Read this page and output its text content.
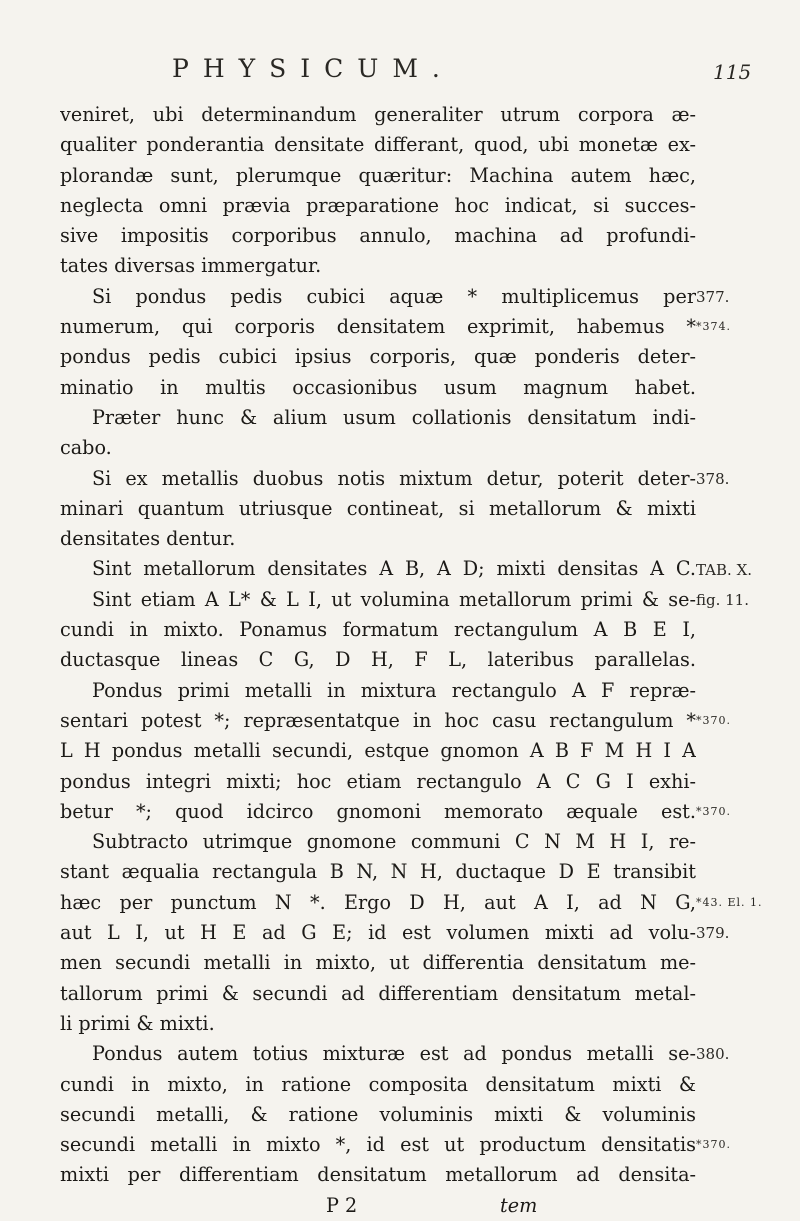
PHYSICUM.	115
veniret, ubi determinandum generaliter utrum corpora æ-
qualiter ponderantia densitate differant, quod, ubi monetæ ex-
plorandæ sunt, plerumque quæritur: Machina autem hæc,
neglecta omni prævia præparatione hoc indicat, si succes-
sive impositis corporibus annulo, machina ad profundi-
tates diversas immergatur.
Si pondus pedis cubici aquæ * multiplicemus per
numerum, qui corporis densitatem exprimit, habemus *
pondus pedis cubici ipsius corporis, quæ ponderis deter-
minatio in multis occasionibus usum magnum habet.
Præter hunc & alium usum collationis densitatum indi-
cabo.
Si ex metallis duobus notis mixtum detur, poterit deter-
minari quantum utriusque contineat, si metallorum & mixti
densitates dentur.
Sint metallorum densitates A B, A D; mixti densitas A C.
Sint etiam A L* & L I, ut volumina metallorum primi & se-
cundi in mixto. Ponamus formatum rectangulum A B E I,
ductasque lineas C G, D H, F L, lateribus parallelas.
Pondus primi metalli in mixtura rectangulo A F repræ-
sentari potest *; repræsentatque in hoc casu rectangulum *
L H pondus metalli secundi, estque gnomon A B F M H I A
pondus integri mixti; hoc etiam rectangulo A C G I exhi-
betur *; quod idcirco gnomoni memorato æquale est.
Subtracto utrimque gnomone communi C N M H I, re-
stant æqualia rectangula B N, N H, ductaque D E transibit
hæc per punctum N *. Ergo D H, aut A I, ad N G,
aut L I, ut H E ad G E; id est volumen mixti ad volu-
men secundi metalli in mixto, ut differentia densitatum me-
tallorum primi & secundi ad differentiam densitatum metal-
li primi & mixti.
Pondus autem totius mixturæ est ad pondus metalli se-
cundi in mixto, in ratione composita densitatum mixti &
secundi metalli, & ratione voluminis mixti & voluminis
secundi metalli in mixto *, id est ut productum densitatis
mixti per differentiam densitatum metallorum ad densita-
P 2	tem
377.
*374.
378.
TAB. X.
fig. 11.
*370.
*370.
*43. El. 1.
379.
380.
*370.
